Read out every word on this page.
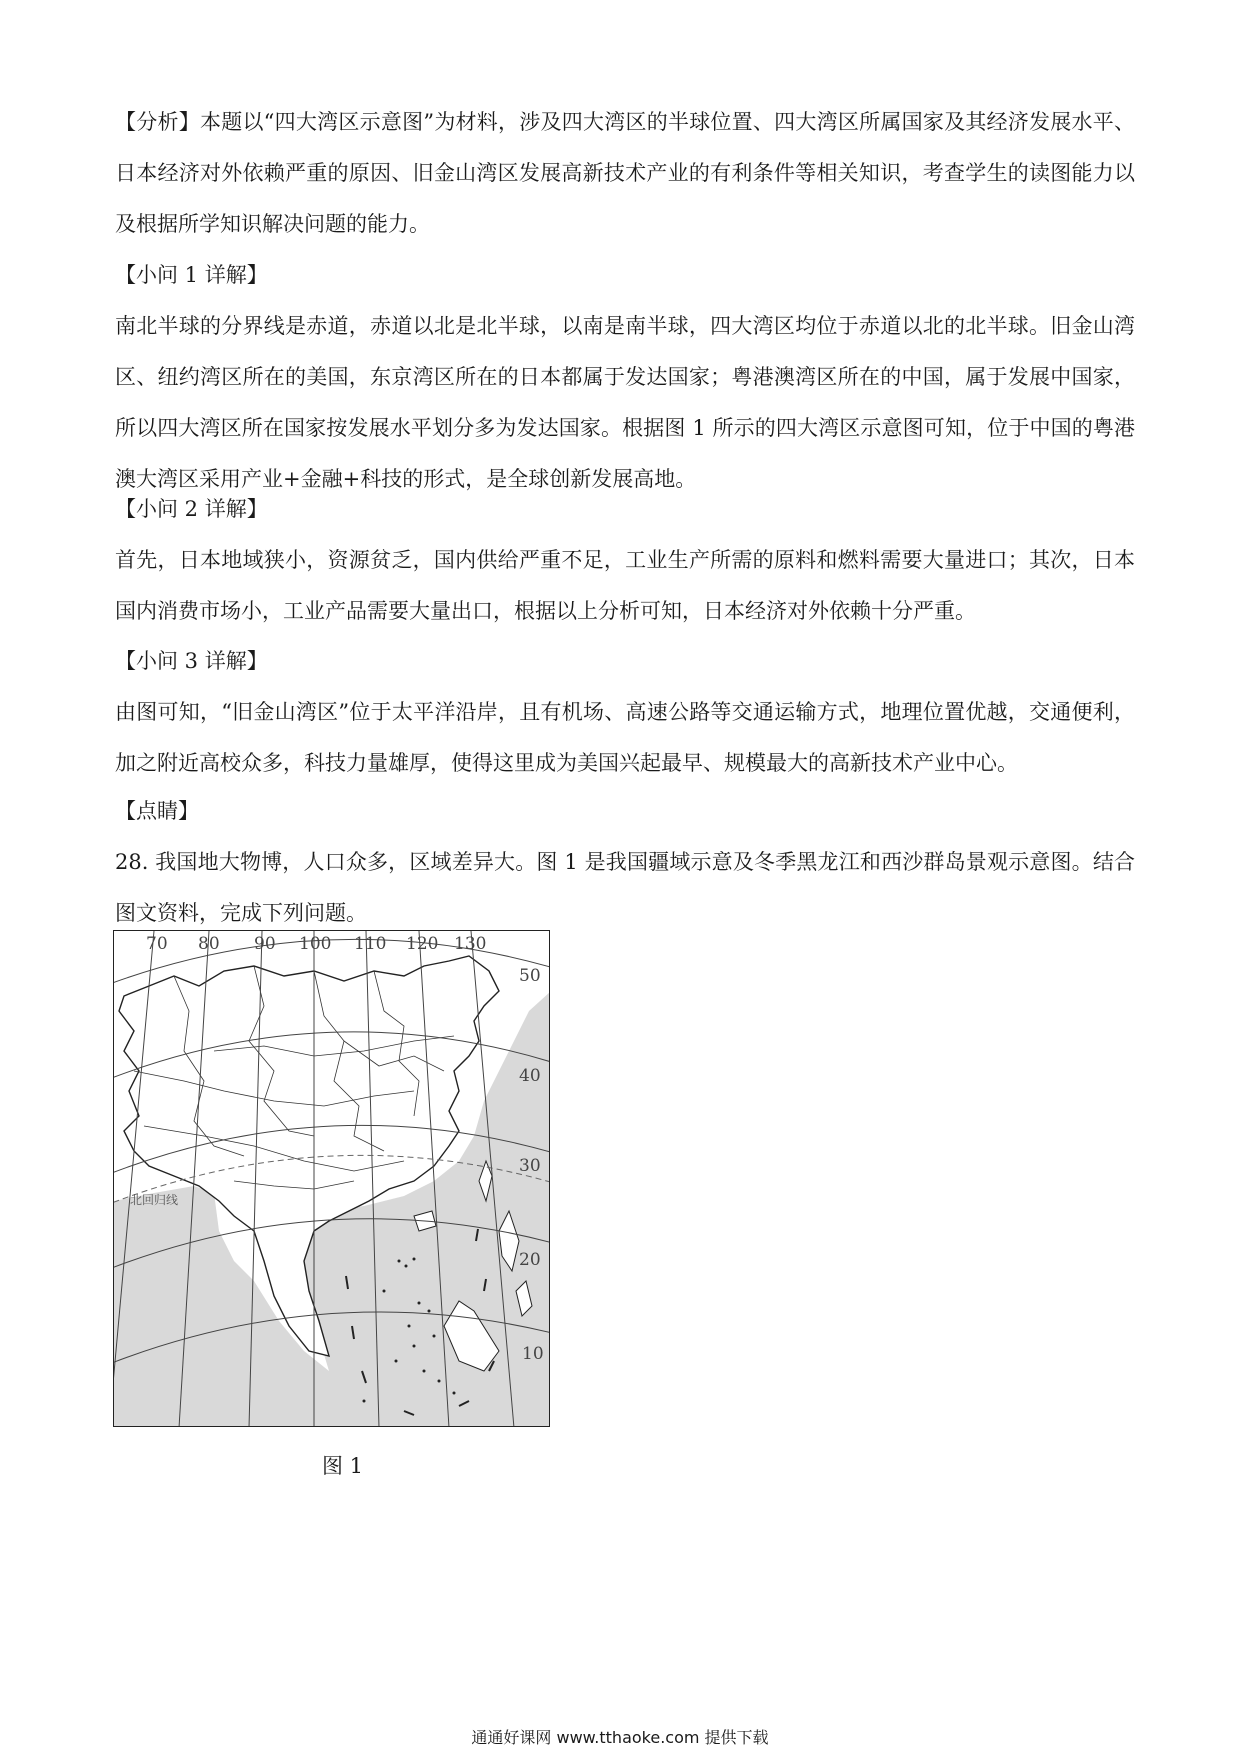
【分析】本题以“四大湾区示意图”为材料，涉及四大湾区的半球位置、四大湾区所属国家及其经济发展水平、日本经济对外依赖严重的原因、旧金山湾区发展高新技术产业的有利条件等相关知识，考查学生的读图能力以及根据所学知识解决问题的能力。

【小问 1 详解】

南北半球的分界线是赤道，赤道以北是北半球，以南是南半球，四大湾区均位于赤道以北的北半球。旧金山湾区、纽约湾区所在的美国，东京湾区所在的日本都属于发达国家；粤港澳湾区所在的中国，属于发展中国家，所以四大湾区所在国家按发展水平划分多为发达国家。根据图 1 所示的四大湾区示意图可知，位于中国的粤港澳大湾区采用产业+金融+科技的形式，是全球创新发展高地。

【小问 2 详解】

首先，日本地域狭小，资源贫乏，国内供给严重不足，工业生产所需的原料和燃料需要大量进口；其次，日本国内消费市场小，工业产品需要大量出口，根据以上分析可知，日本经济对外依赖十分严重。

【小问 3 详解】

由图可知，“旧金山湾区”位于太平洋沿岸，且有机场、高速公路等交通运输方式，地理位置优越，交通便利，加之附近高校众多，科技力量雄厚，使得这里成为美国兴起最早、规模最大的高新技术产业中心。

【点睛】

28. 我国地大物博，人口众多，区域差异大。图 1 是我国疆域示意及冬季黑龙江和西沙群岛景观示意图。结合图文资料，完成下列问题。

70 80 90 100 110 120 130
50
40
30
20
10
北回归线
图 1
通通好课网 www.tthaoke.com 提供下载
